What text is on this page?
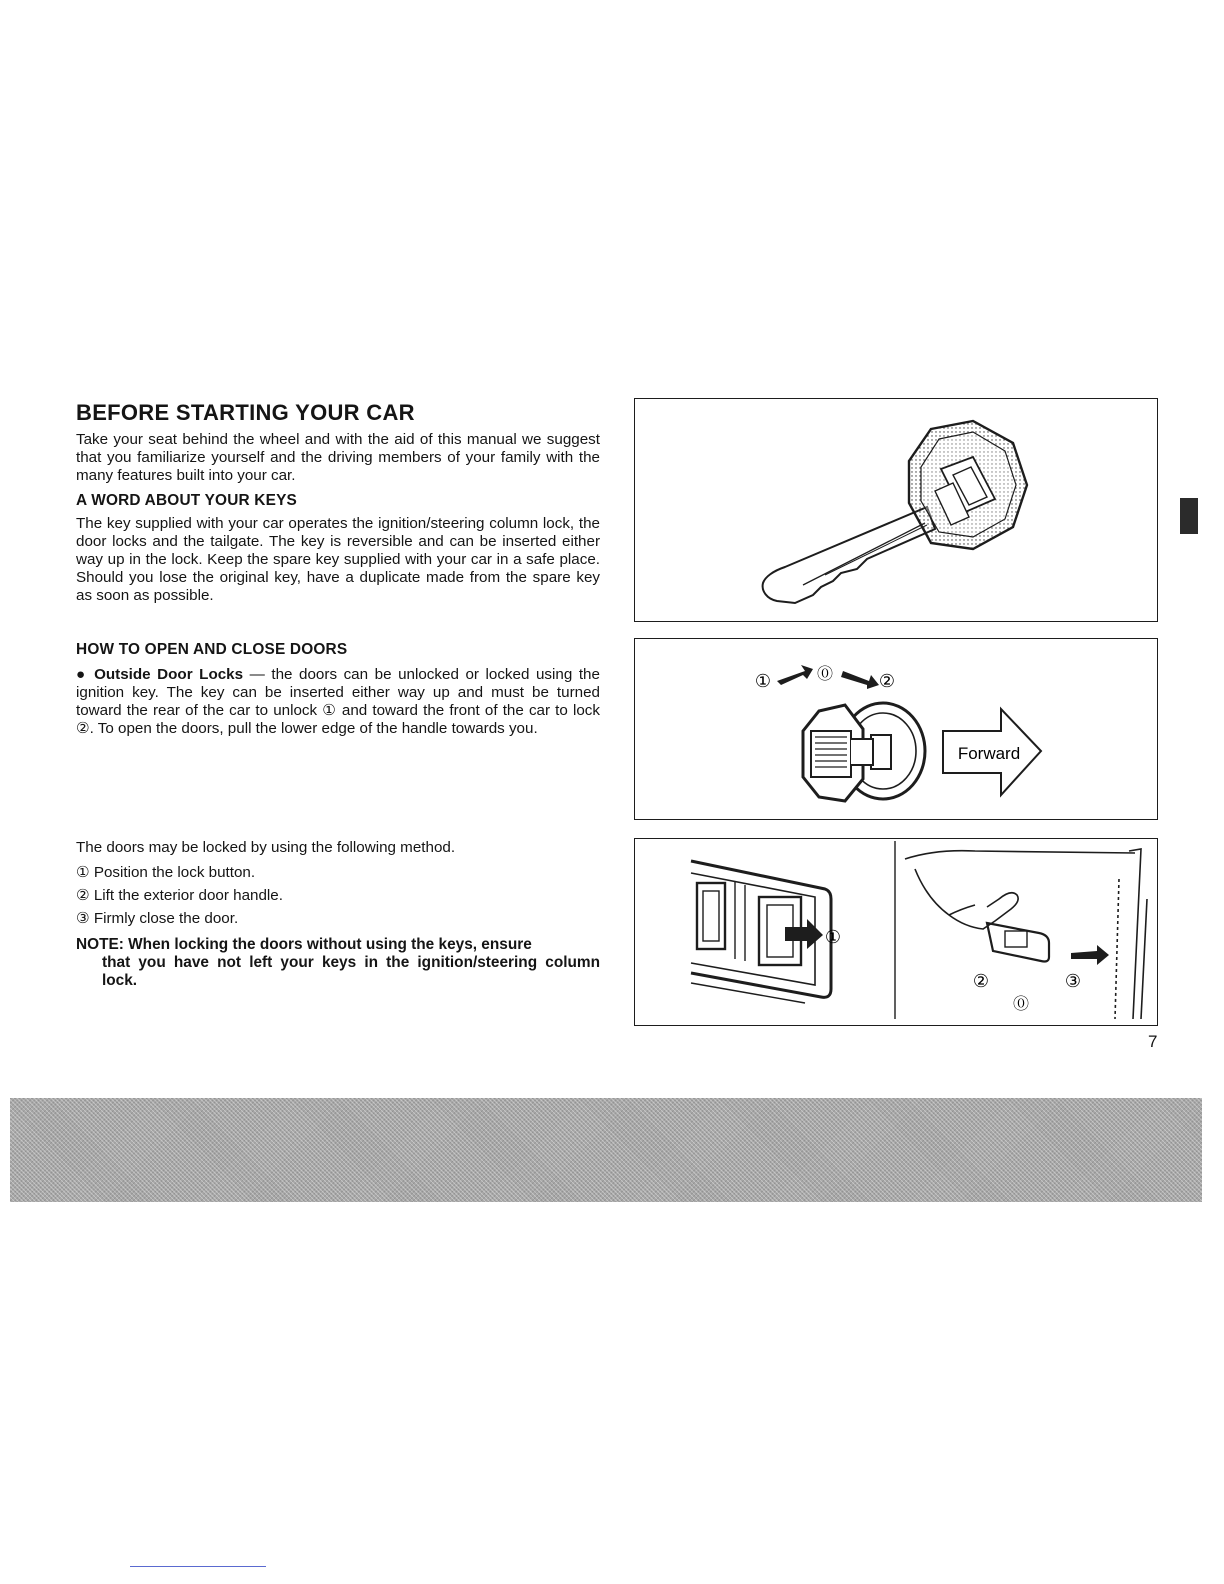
BEFORE STARTING YOUR CAR

Take your seat behind the wheel and with the aid of this manual we suggest that you familiarize yourself and the driving members of your family with the many features built into your car.

A WORD ABOUT YOUR KEYS

The key supplied with your car operates the ignition/steering column lock, the door locks and the tailgate. The key is reversible and can be inserted either way up in the lock. Keep the spare key supplied with your car in a safe place. Should you lose the original key, have a duplicate made from the spare key as soon as possible.

HOW TO OPEN AND CLOSE DOORS

● Outside Door Locks — the doors can be unlocked or locked using the ignition key. The key can be inserted either way up and must be turned toward the rear of the car to unlock ① and toward the front of the car to lock ②. To open the doors, pull the lower edge of the handle towards you.

The doors may be locked by using the following method.
① Position the lock button.
② Lift the exterior door handle.
③ Firmly close the door.
NOTE: When locking the doors without using the keys, ensure
that you have not left your keys in the ignition/steering column lock.
①	⓪	②
Forward
①
②
⓪
③
7
